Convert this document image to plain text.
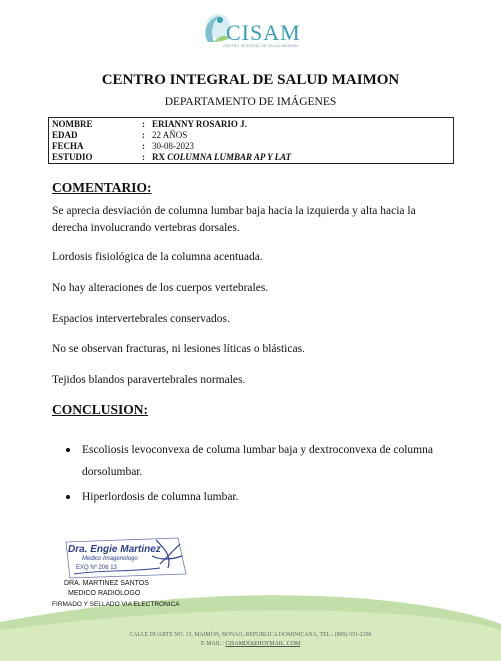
CISAM
CENTRO INTEGRAL DE SALUD MAIMON
CENTRO INTEGRAL DE SALUD MAIMON
DEPARTAMENTO DE IMÁGENES
NOMBRE	: ERIANNY ROSARIO J.
EDAD	: 22 AÑOS
FECHA	: 30-08-2023
ESTUDIO	: RX COLUMNA LUMBAR AP Y LAT
COMENTARIO:
Se aprecia desviación de columna lumbar baja hacia la izquierda y alta hacia la derecha involucrando vertebras dorsales.
Lordosis fisiológica de la columna acentuada.
No hay alteraciones de los cuerpos vertebrales.
Espacios intervertebrales conservados.
No se observan fracturas, ni lesiones líticas o blásticas.
Tejidos blandos paravertebrales normales.
CONCLUSION:
Escoliosis levoconvexa de columa lumbar baja y dextroconvexa de columna dorsolumbar.
Hiperlordosis de columna lumbar.
Dra. Engie Martinez
Medico Imagenologo
EXQ Nº 206 13
DRA. MARTINEZ SANTOS
MEDICO RADIOLOGO
FIRMADO Y SELLADO VIA ELECTRONICA
CALLE DUARTE NO. 13, MAIMÓN, BONAO, REPUBLICA DOMINICANA, TEL.: (809)-551-2196
E-MAIL : CISAMDO@HOTMAIL .COM
